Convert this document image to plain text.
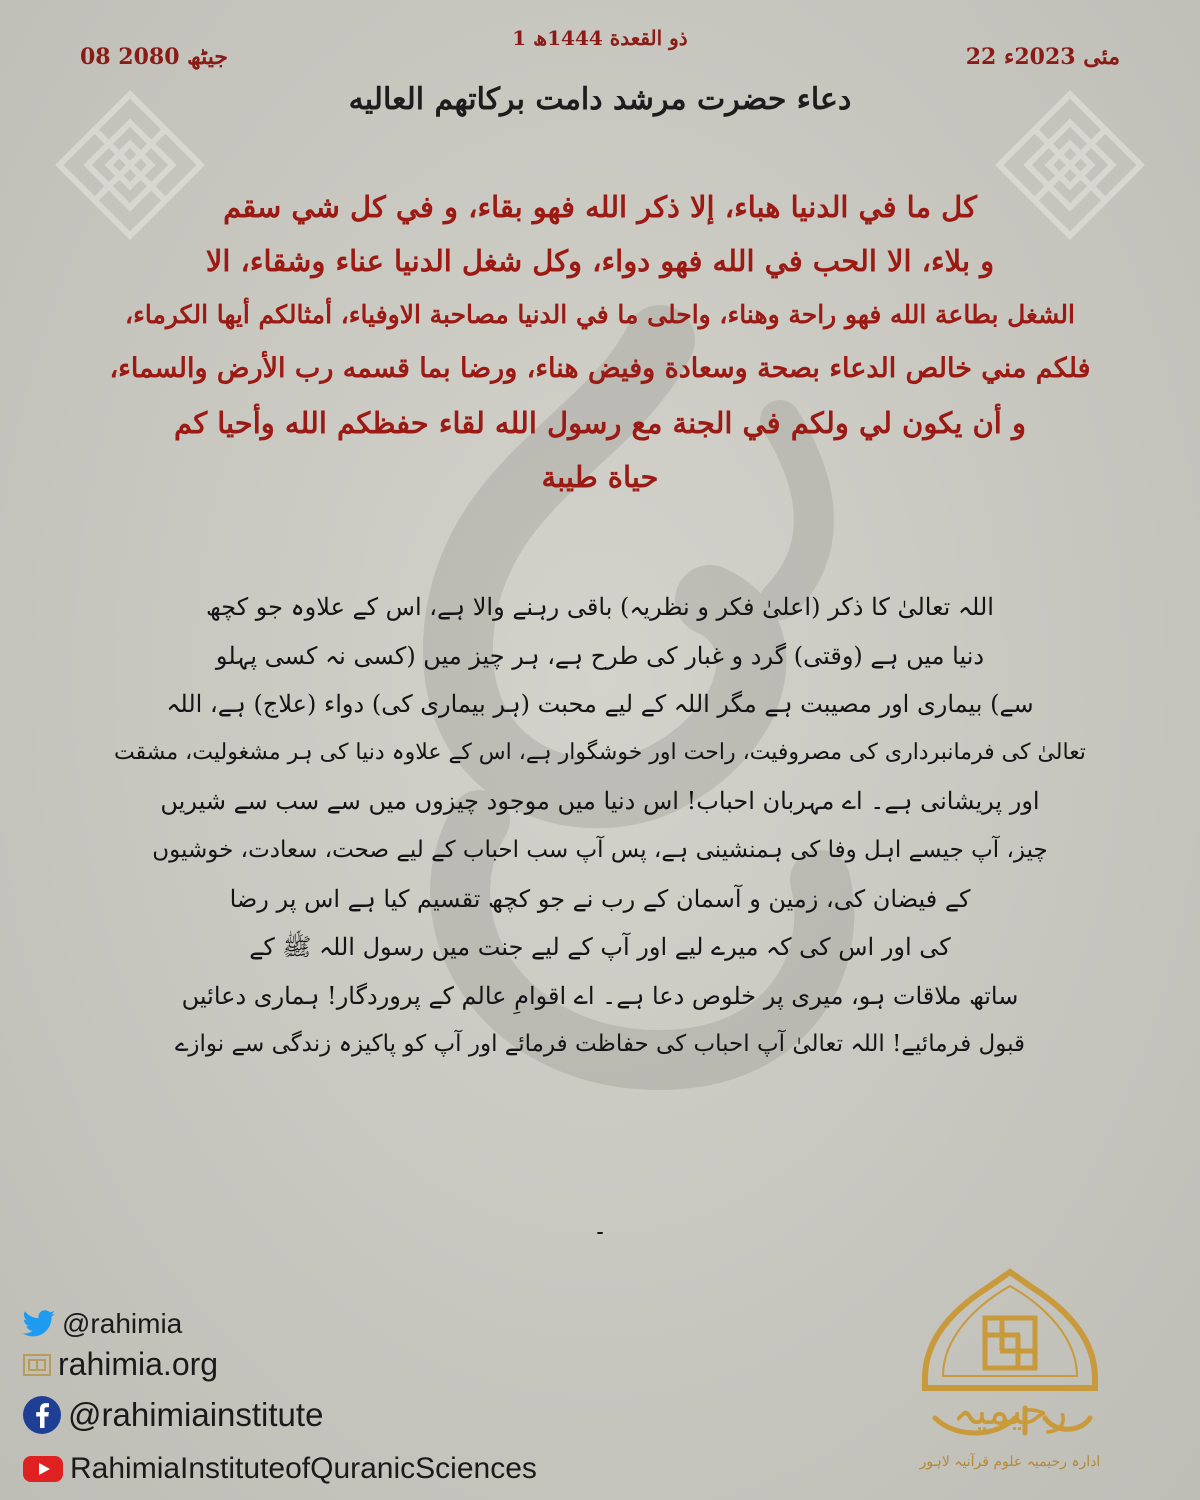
1 ذو القعدة 1444ھ
08 جیٹھ 2080	22 مئی 2023ء
دعاء حضرت مرشد دامت برکاتھم العالیه
كل ما في الدنيا هباء، إلا ذكر الله فهو بقاء، و في كل شي سقم
و بلاء، الا الحب في الله فهو دواء، وكل شغل الدنيا عناء وشقاء، الا
الشغل بطاعة الله فهو راحة وهناء، واحلى ما في الدنيا مصاحبة الاوفياء، أمثالكم أيها الكرماء،
فلكم مني خالص الدعاء بصحة وسعادة وفيض هناء، ورضا بما قسمه رب الأرض والسماء،
و أن يكون لي ولكم في الجنة مع رسول الله لقاء حفظكم الله وأحيا كم
حياة طيبة
اللہ تعالیٰ کا ذکر (اعلیٰ فکر و نظریہ) باقی رہنے والا ہے، اس کے علاوہ جو کچھ
دنیا میں ہے (وقتی) گرد و غبار کی طرح ہے، ہر چیز میں (کسی نہ کسی پہلو
سے) بیماری اور مصیبت ہے مگر اللہ کے لیے محبت (ہر بیماری کی) دواء (علاج) ہے، اللہ
تعالیٰ کی فرمانبرداری کی مصروفیت، راحت اور خوشگوار ہے، اس کے علاوہ دنیا کی ہر مشغولیت، مشقت
اور پریشانی ہے۔ اے مہربان احباب! اس دنیا میں موجود چیزوں میں سے سب سے شیریں
چیز، آپ جیسے اہل وفا کی ہمنشینی ہے، پس آپ سب احباب کے لیے صحت، سعادت، خوشیوں
کے فیضان کی، زمین و آسمان کے رب نے جو کچھ تقسیم کیا ہے اس پر رضا
کی اور اس کی کہ میرے لیے اور آپ کے لیے جنت میں رسول اللہ ﷺ کے
ساتھ ملاقات ہو، میری پر خلوص دعا ہے۔ اے اقوامِ عالم کے پروردگار! ہماری دعائیں
قبول فرمائیے! اللہ تعالیٰ آپ احباب کی حفاظت فرمائے اور آپ کو پاکیزہ زندگی سے نوازے
۔
@rahimia
rahimia.org
@rahimiainstitute
RahimiaInstituteofQuranicSciences
رحیمیہ
ادارہ رحیمیہ علوم قرآنیہ لاہور
